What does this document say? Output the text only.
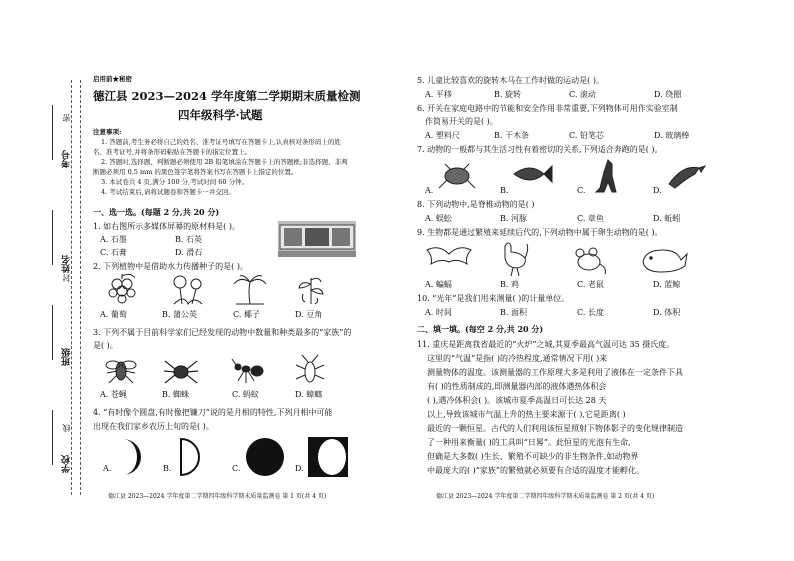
启用前★秘密
密
封
线
考号
姓名
班级
学校
德江县 2023—2024 学年度第二学期期末质量检测
四年级科学·试题
注意事项:
1. 答题前,考生务必将自己的姓名、准考证号填写在答题卡上,认真核对条形码上的姓
名、准考证号,并将条形码粘贴在答题卡的指定位置上。
2. 答题时,选择题、判断题必须使用 2B 铅笔填涂在答题卡上的答题框;非选择题、非判
断题必须用 0.5 mm 的黑色签字笔将答案书写在答题卡上指定的位置。
3. 本试卷共 4 页,满分 100 分,考试时间 60 分钟。
4. 考试结束后,请将试题卷和答题卡一并交回。
一、选一选。(每题 2 分,共 20 分)
1. 如右图所示多媒体屏幕的原材料是( )。
A. 石墨	B. 石英
C. 石膏	D. 滑石
2. 下列植物中是借助水力传播种子的是( )。
A. 葡萄	B. 蒲公英	C. 椰子	D. 豆角
3. 下列不属于目前科学家们已经发现的动物中数量和种类最多的“家族”的
是( )。
A. 苍蝇	B. 蜘蛛	C. 蚂蚁	D. 蟑螂
4. “有时像个圆盘,有时像把镰刀”说的是月相的特性,下列月相中可能
出现在我们家乡农历上旬的是( )。
A.	B.	C.	D.
德江县 2023—2024 学年度第二学期四年级科学期末质量监测卷 第 1 页(共 4 页)
5. 儿童比较喜欢的旋转木马在工作时做的运动是( )。
A. 平移	B. 旋转	C. 滚动	D. 绕圈
6. 开关在家庭电路中的节能和安全作用非常重要,下列物体可用作实验室制
作简易开关的是( )。
A. 塑料尺	B. 干木条	C. 铅笔芯	D. 玻璃棒
7. 动物的一般都与其生活习性有着密切的关系,下列适合奔跑的是( )。
A.	B.	C.	D.
8. 下列动物中,是脊椎动物的是( )
A. 蜈蚣	B. 河豚	C. 章鱼	D. 蚯蚓
9. 生物都是通过繁殖来延续后代的,下列动物中属于卵生动物的是( )。
A. 蝙蝠	B. 鸡	C. 老鼠	D. 蓝鲸
10. “光年”是我们用来测量( )的计量单位。
A. 时间	B. 面积	C. 长度	D. 体积
二、填一填。(每空 2 分,共 20 分)
11. 重庆是距离我省最近的“火炉”之城,其夏季最高气温可达 35 摄氏度。
这里的“气温”是指( )的冷热程度,通常情况下用( )来
测量物体的温度。该测量器的工作原理大多是利用了液体在一定条件下具
有( )的性质制成的,即测量器内部的液体遇热体积会
( ),遇冷体积会( )。该城市夏季高温日可长达 28 天
以上,导致该城市气温上升的热主要来源于( ),它是距离( )
最近的一颗恒星。古代的人们利用该恒星照射下物体影子的变化规律制造
了一种用来衡量( )的工具叫“日晷”。此恒星的光泡有生命,
但确是大多数( )生长、繁殖不可缺少的非生物条件,如动物界
中最庞大的( )“家族”的繁殖就必须要有合适的温度才能孵化。
德江县 2023—2024 学年度第二学期四年级科学期末质量监测卷 第 2 页(共 4 页)
